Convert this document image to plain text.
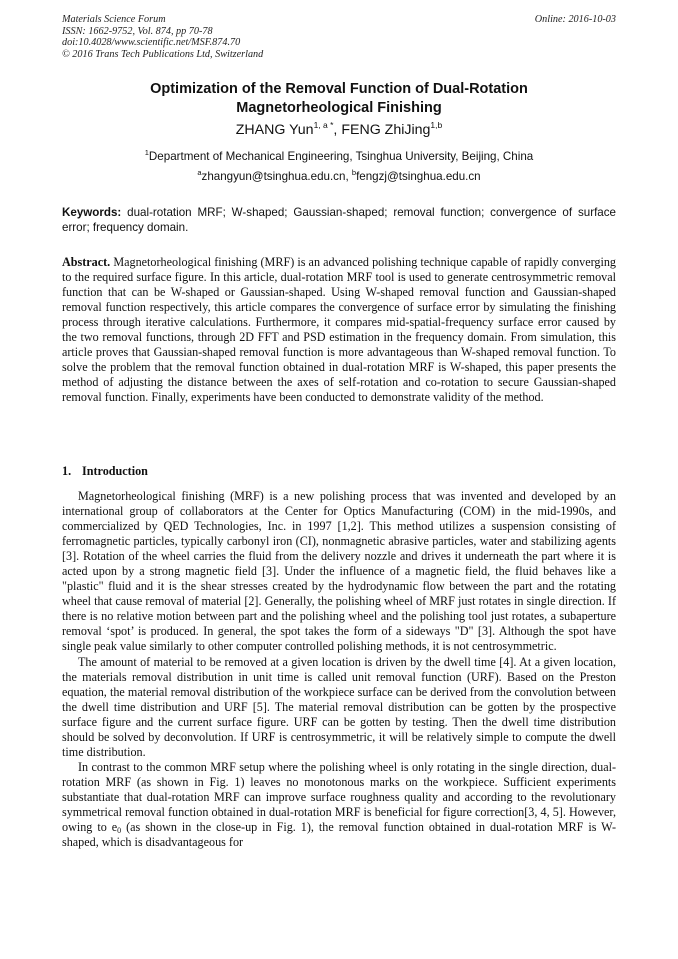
Materials Science Forum
ISSN: 1662-9752, Vol. 874, pp 70-78
doi:10.4028/www.scientific.net/MSF.874.70
© 2016 Trans Tech Publications Ltd, Switzerland
Online: 2016-10-03
Optimization of the Removal Function of Dual-Rotation
Magnetorheological Finishing
ZHANG Yun$^{1, a *}$, FENG ZhiJing$^{1,b}$
$^1$Department of Mechanical Engineering, Tsinghua University, Beijing, China
$^a$zhangyun@tsinghua.edu.cn, $^b$fengzj@tsinghua.edu.cn
Keywords: dual-rotation MRF; W-shaped; Gaussian-shaped; removal function; convergence of surface error; frequency domain.
Abstract. Magnetorheological finishing (MRF) is an advanced polishing technique capable of rapidly converging to the required surface figure. In this article, dual-rotation MRF tool is used to generate centrosymmetric removal function that can be W-shaped or Gaussian-shaped. Using W-shaped removal function and Gaussian-shaped removal function respectively, this article compares the convergence of surface error by simulating the finishing process through iterative calculations. Furthermore, it compares mid-spatial-frequency surface error caused by the two removal functions, through 2D FFT and PSD estimation in the frequency domain. From simulation, this article proves that Gaussian-shaped removal function is more advantageous than W-shaped removal function. To solve the problem that the removal function obtained in dual-rotation MRF is W-shaped, this paper presents the method of adjusting the distance between the axes of self-rotation and co-rotation to secure Gaussian-shaped removal function. Finally, experiments have been conducted to demonstrate validity of the method.
1. Introduction

Magnetorheological finishing (MRF) is a new polishing process that was invented and developed by an international group of collaborators at the Center for Optics Manufacturing (COM) in the mid-1990s, and commercialized by QED Technologies, Inc. in 1997 [1,2]. This method utilizes a suspension consisting of ferromagnetic particles, typically carbonyl iron (CI), nonmagnetic abrasive particles, water and stabilizing agents [3]. Rotation of the wheel carries the fluid from the delivery nozzle and drives it underneath the part where it is acted upon by a strong magnetic field [3]. Under the influence of a magnetic field, the fluid behaves like a "plastic" fluid and it is the shear stresses created by the hydrodynamic flow between the part and the rotating wheel that cause removal of material [2]. Generally, the polishing wheel of MRF just rotates in single direction. If there is no relative motion between part and the polishing wheel and the polishing tool just rotates, a subaperture removal ‘spot’ is produced. In general, the spot takes the form of a sideways "D" [3]. Although the spot have single peak value similarly to other computer controlled polishing methods, it is not centrosymmetric.

The amount of material to be removed at a given location is driven by the dwell time [4]. At a given location, the materials removal distribution in unit time is called unit removal function (URF). Based on the Preston equation, the material removal distribution of the workpiece surface can be derived from the convolution between the dwell time distribution and URF [5]. The material removal distribution can be gotten by the prospective surface figure and the current surface figure. URF can be gotten by testing. Then the dwell time distribution should be solved by deconvolution. If URF is centrosymmetric, it will be relatively simple to compute the dwell time distribution.

In contrast to the common MRF setup where the polishing wheel is only rotating in the single direction, dual-rotation MRF (as shown in Fig. 1) leaves no monotonous marks on the workpiece. Sufficient experiments substantiate that dual-rotation MRF can improve surface roughness quality and according to the revolutionary symmetrical removal function obtained in dual-rotation MRF is beneficial for figure correction[3, 4, 5]. However, owing to $e_0$ (as shown in the close-up in Fig. 1), the removal function obtained in dual-rotation MRF is W-shaped, which is disadvantageous for
